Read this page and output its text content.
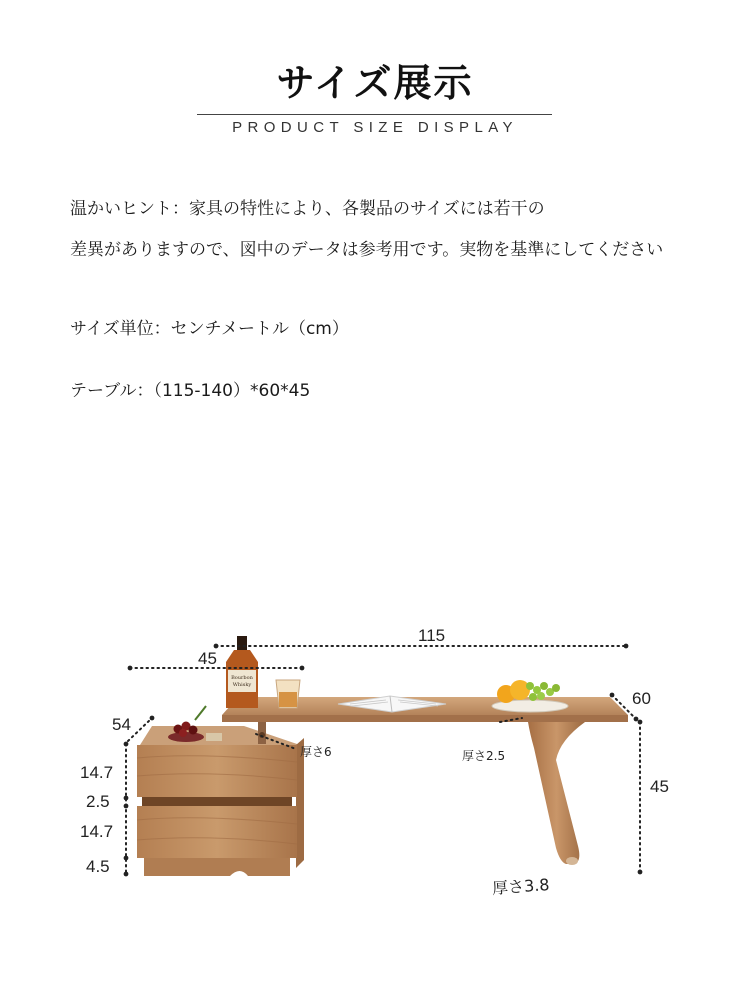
サイズ展示
PRODUCT SIZE DISPLAY
温かいヒント：家具の特性により、各製品のサイズには若干の
差異がありますので、図中のデータは参考用です。実物を基準にしてください
サイズ単位：センチメートル（cm）
テーブル：（115-140）*60*45
Bourbon
Whisky
115
45
60
54
45
14.7
2.5
14.7
4.5
厚さ2.5
厚さ6
厚さ3.8
